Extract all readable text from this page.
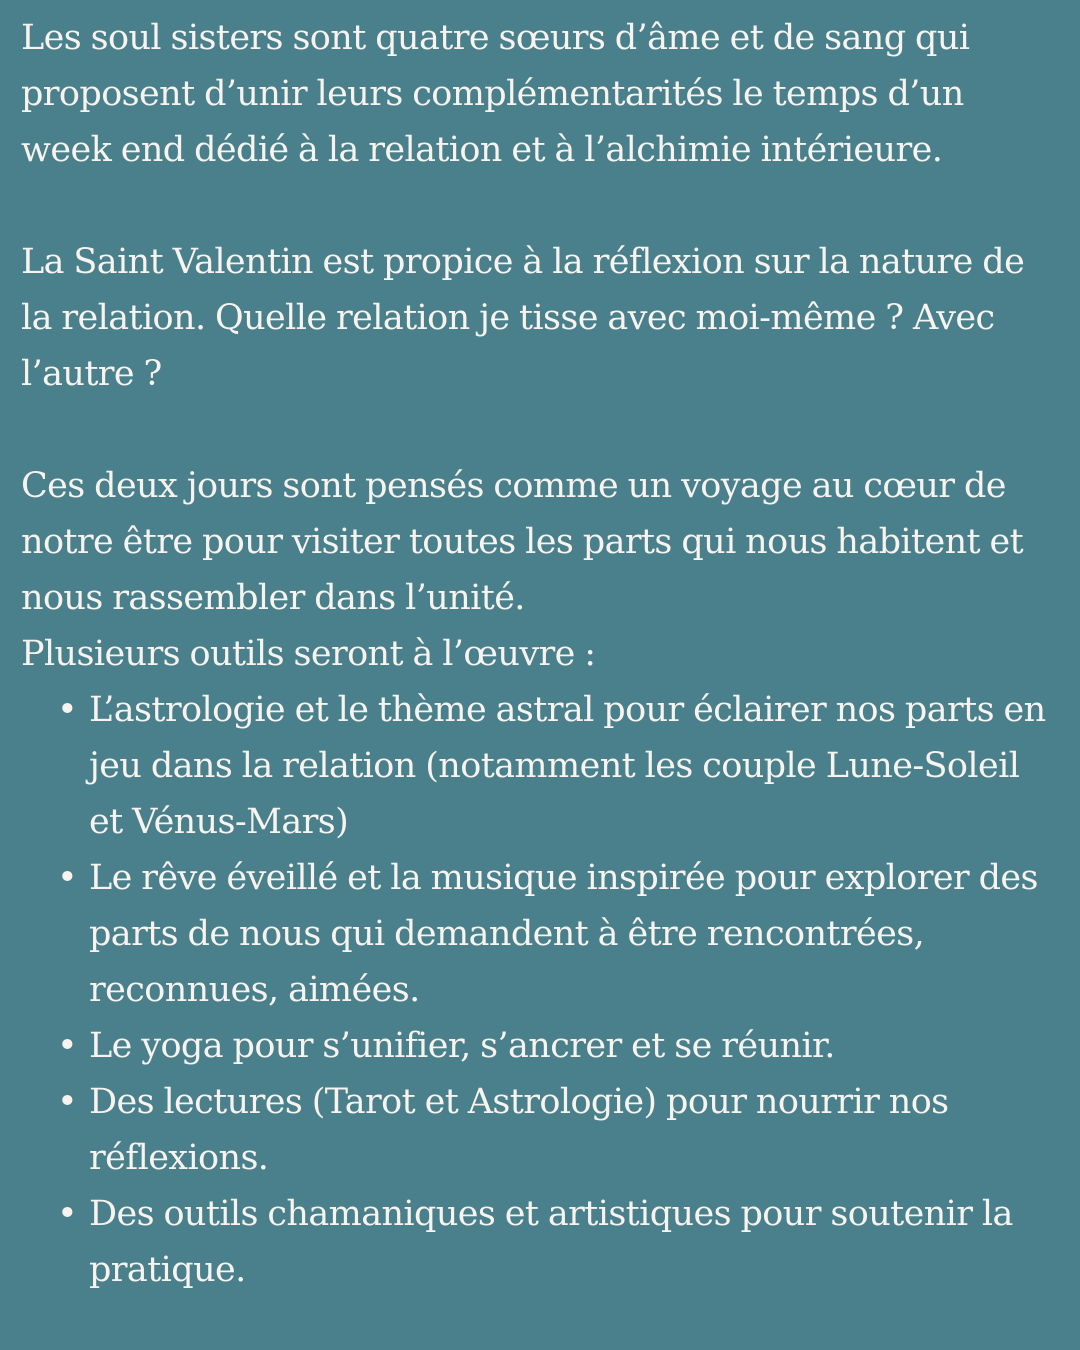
Les soul sisters sont quatre sœurs d’âme et de sang qui proposent d’unir leurs complémentarités le temps d’un week end dédié à la relation et à l’alchimie intérieure.

La Saint Valentin est propice à la réflexion sur la nature de la relation. Quelle relation je tisse avec moi-même ? Avec l’autre ?

Ces deux jours sont pensés comme un voyage au cœur de notre être pour visiter toutes les parts qui nous habitent et nous rassembler dans l’unité.

Plusieurs outils seront à l’œuvre :

• L’astrologie et le thème astral pour éclairer nos parts en jeu dans la relation (notamment les couple Lune-Soleil et Vénus-Mars)
• Le rêve éveillé et la musique inspirée pour explorer des parts de nous qui demandent à être rencontrées, reconnues, aimées.
• Le yoga pour s’unifier, s’ancrer et se réunir.
• Des lectures (Tarot et Astrologie) pour nourrir nos réflexions.
• Des outils chamaniques et artistiques pour soutenir la pratique.
